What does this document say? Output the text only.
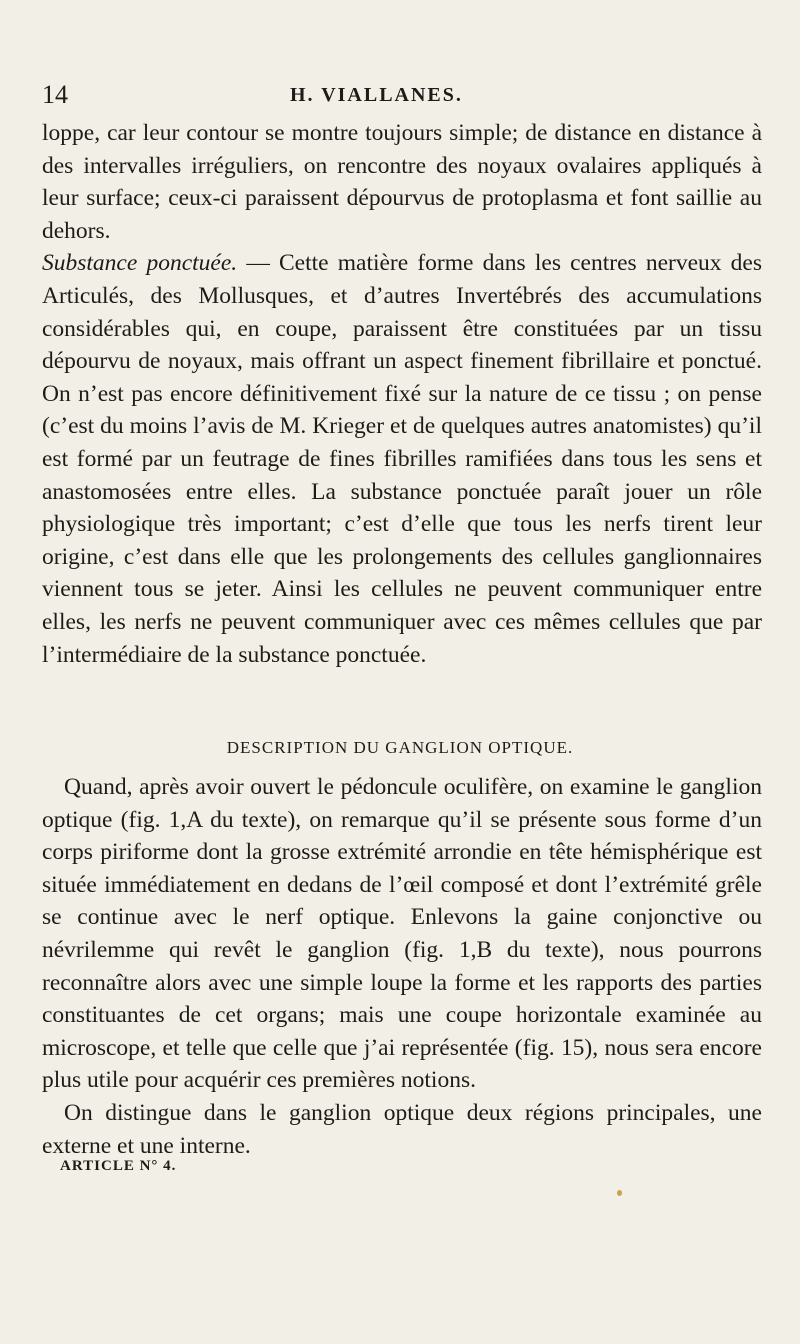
14	H. VIALLANES.

loppe, car leur contour se montre toujours simple; de distance en distance à des intervalles irréguliers, on rencontre des noyaux ovalaires appliqués à leur surface; ceux-ci paraissent dépourvus de protoplasma et font saillie au dehors.

Substance ponctuée. — Cette matière forme dans les centres nerveux des Articulés, des Mollusques, et d’autres Invertébrés des accumulations considérables qui, en coupe, paraissent être constituées par un tissu dépourvu de noyaux, mais offrant un aspect finement fibrillaire et ponctué. On n’est pas encore définitivement fixé sur la nature de ce tissu ; on pense (c’est du moins l’avis de M. Krieger et de quelques autres anatomistes) qu’il est formé par un feutrage de fines fibrilles ramifiées dans tous les sens et anastomosées entre elles. La substance ponctuée paraît jouer un rôle physiologique très important; c’est d’elle que tous les nerfs tirent leur origine, c’est dans elle que les prolongements des cellules ganglionnaires viennent tous se jeter. Ainsi les cellules ne peuvent communiquer entre elles, les nerfs ne peuvent communiquer avec ces mêmes cellules que par l’intermédiaire de la substance ponctuée.

DESCRIPTION DU GANGLION OPTIQUE.

Quand, après avoir ouvert le pédoncule oculifère, on examine le ganglion optique (fig. 1,A du texte), on remarque qu’il se présente sous forme d’un corps piriforme dont la grosse extrémité arrondie en tête hémisphérique est située immédiatement en dedans de l’œil composé et dont l’extrémité grêle se continue avec le nerf optique. Enlevons la gaine conjonctive ou névrilemme qui revêt le ganglion (fig. 1,B du texte), nous pourrons reconnaître alors avec une simple loupe la forme et les rapports des parties constituantes de cet organs; mais une coupe horizontale examinée au microscope, et telle que celle que j’ai représentée (fig. 15), nous sera encore plus utile pour acquérir ces premières notions.

On distingue dans le ganglion optique deux régions principales, une externe et une interne.

ARTICLE N° 4.
